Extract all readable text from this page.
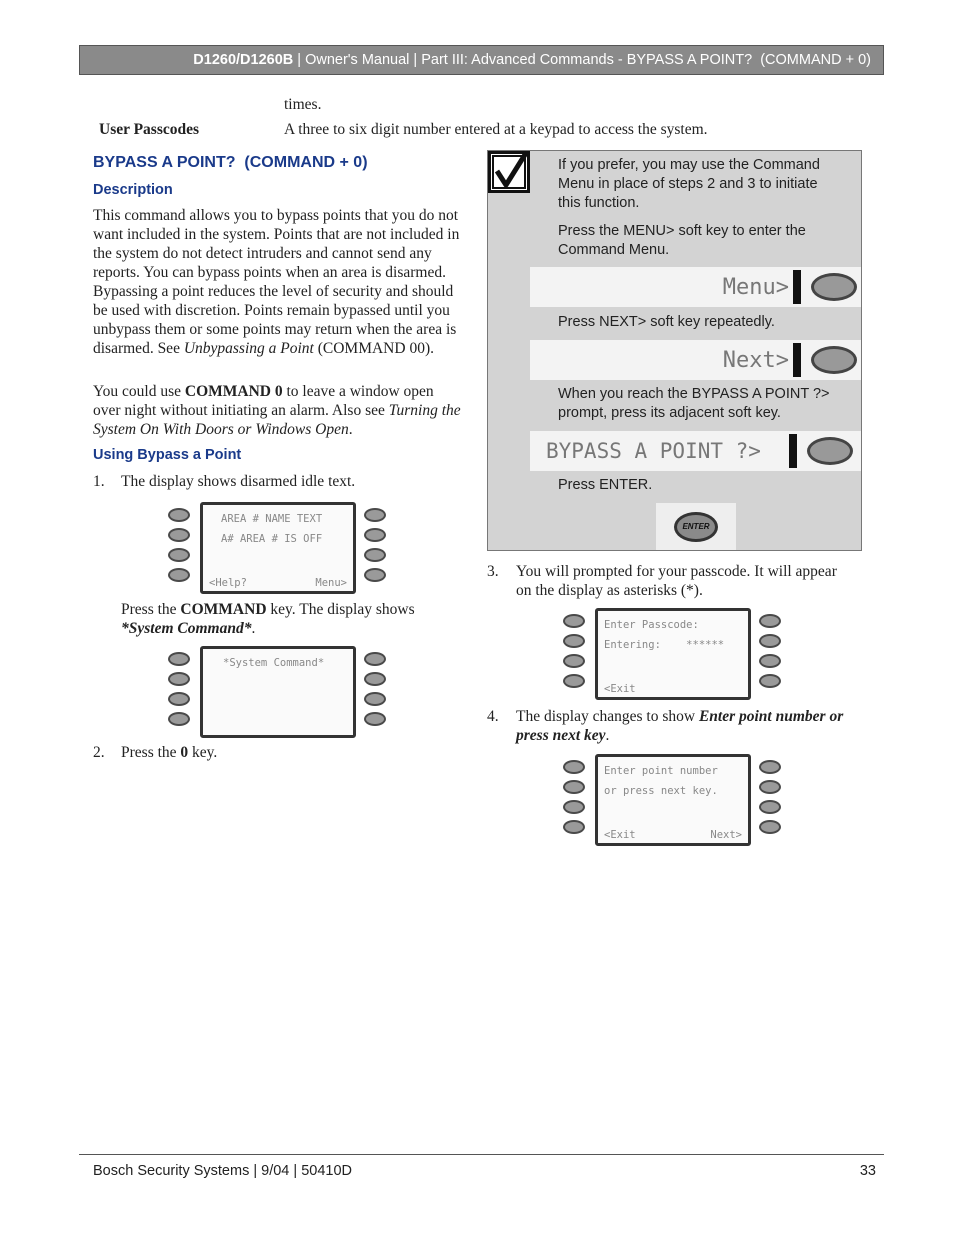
D1260/D1260B | Owner's Manual | Part III: Advanced Commands - BYPASS A POINT?  (COMMAND + 0)
times.
User Passcodes	A three to six digit number entered at a keypad to access the system.
BYPASS A POINT?  (COMMAND + 0)
Description
This command allows you to bypass points that you do not want included in the system. Points that are not included in the system do not detect intruders and cannot send any reports. You can bypass points when an area is disarmed. Bypassing a point reduces the level of security and should be used with discretion. Points remain bypassed until you unbypass them or some points may return when the area is disarmed. See Unbypassing a Point (COMMAND 00).
You could use COMMAND 0 to leave a window open over night without initiating an alarm. Also see Turning the System On With Doors or Windows Open.
Using Bypass a Point
1. The display shows disarmed idle text.
AREA # NAME TEXT
A# AREA # IS OFF
<Help?	Menu>
Press the COMMAND key. The display shows *System Command*.
*System Command*
2. Press the 0 key.
If you prefer, you may use the Command Menu in place of steps 2 and 3 to initiate this function.
Press the MENU> soft key to enter the Command Menu.
Menu>
Press NEXT> soft key repeatedly.
Next>
When you reach the BYPASS A POINT ?> prompt, press its adjacent soft key.
BYPASS A POINT ?>
Press ENTER.
ENTER
3. You will prompted for your passcode. It will appear on the display as asterisks (*).
Enter Passcode:
Entering:    ******
<Exit
4. The display changes to show Enter point number or press next key.
Enter point number
or press next key.
<Exit	Next>
Bosch Security Systems | 9/04 | 50410D	33
